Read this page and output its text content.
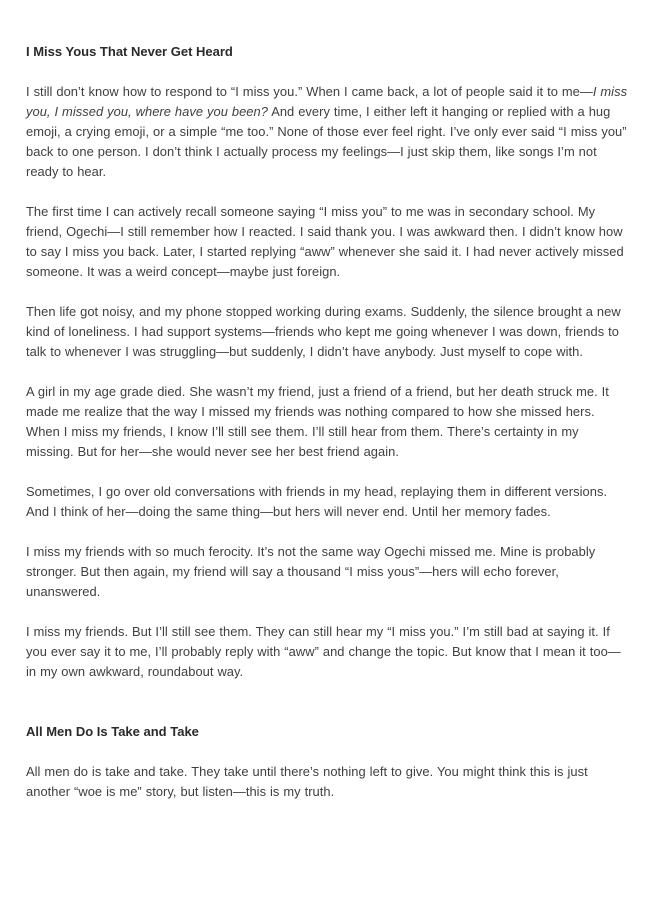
I Miss Yous That Never Get Heard

I still don’t know how to respond to “I miss you.” When I came back, a lot of people said it to me—I miss you, I missed you, where have you been? And every time, I either left it hanging or replied with a hug emoji, a crying emoji, or a simple “me too.” None of those ever feel right. I’ve only ever said “I miss you” back to one person. I don’t think I actually process my feelings—I just skip them, like songs I’m not ready to hear.

The first time I can actively recall someone saying “I miss you” to me was in secondary school. My friend, Ogechi—I still remember how I reacted. I said thank you. I was awkward then. I didn’t know how to say I miss you back. Later, I started replying “aww” whenever she said it. I had never actively missed someone. It was a weird concept—maybe just foreign.

Then life got noisy, and my phone stopped working during exams. Suddenly, the silence brought a new kind of loneliness. I had support systems—friends who kept me going whenever I was down, friends to talk to whenever I was struggling—but suddenly, I didn’t have anybody. Just myself to cope with.

A girl in my age grade died. She wasn’t my friend, just a friend of a friend, but her death struck me. It made me realize that the way I missed my friends was nothing compared to how she missed hers. When I miss my friends, I know I’ll still see them. I’ll still hear from them. There’s certainty in my missing. But for her—she would never see her best friend again.

Sometimes, I go over old conversations with friends in my head, replaying them in different versions. And I think of her—doing the same thing—but hers will never end. Until her memory fades.

I miss my friends with so much ferocity. It’s not the same way Ogechi missed me. Mine is probably stronger. But then again, my friend will say a thousand “I miss yous”—hers will echo forever, unanswered.

I miss my friends. But I’ll still see them. They can still hear my “I miss you.” I’m still bad at saying it. If you ever say it to me, I’ll probably reply with “aww” and change the topic. But know that I mean it too—in my own awkward, roundabout way.

All Men Do Is Take and Take

All men do is take and take. They take until there’s nothing left to give. You might think this is just another “woe is me” story, but listen—this is my truth.
